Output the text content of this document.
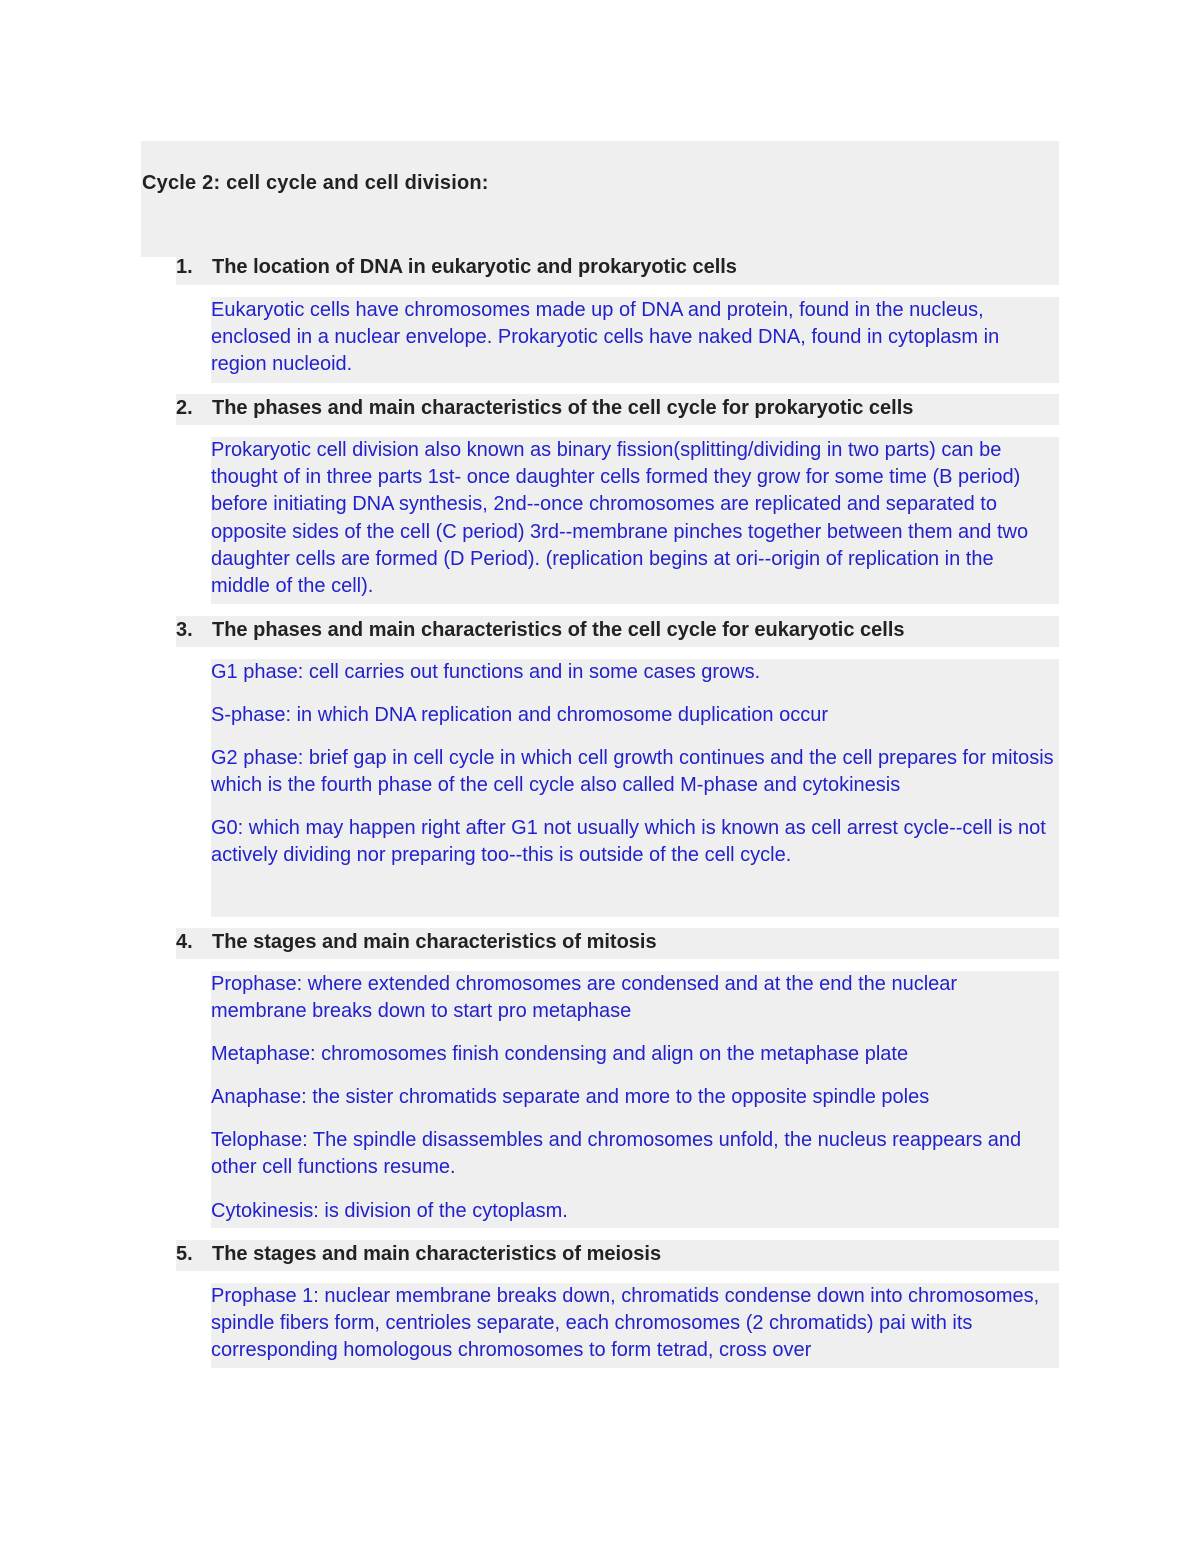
Cycle 2: cell cycle and cell division:
1. The location of DNA in eukaryotic and prokaryotic cells

Eukaryotic cells have chromosomes made up of DNA and protein, found in the nucleus, enclosed in a nuclear envelope. Prokaryotic cells have naked DNA, found in cytoplasm in region nucleoid.

2. The phases and main characteristics of the cell cycle for prokaryotic cells

Prokaryotic cell division also known as binary fission(splitting/dividing in two parts) can be thought of in three parts 1st- once daughter cells formed they grow for some time (B period) before initiating DNA synthesis, 2nd--once chromosomes are replicated and separated to opposite sides of the cell (C period) 3rd--membrane pinches together between them and two daughter cells are formed (D Period). (replication begins at ori--origin of replication in the middle of the cell).

3. The phases and main characteristics of the cell cycle for eukaryotic cells

G1 phase: cell carries out functions and in some cases grows.

S-phase: in which DNA replication and chromosome duplication occur

G2 phase: brief gap in cell cycle in which cell growth continues and the cell prepares for mitosis which is the fourth phase of the cell cycle also called M-phase and cytokinesis

G0: which may happen right after G1 not usually which is known as cell arrest cycle--cell is not actively dividing nor preparing too--this is outside of the cell cycle.

4. The stages and main characteristics of mitosis

Prophase: where extended chromosomes are condensed and at the end the nuclear membrane breaks down to start pro metaphase

Metaphase: chromosomes finish condensing and align on the metaphase plate

Anaphase: the sister chromatids separate and more to the opposite spindle poles

Telophase: The spindle disassembles and chromosomes unfold, the nucleus reappears and other cell functions resume.

Cytokinesis: is division of the cytoplasm.

5. The stages and main characteristics of meiosis

Prophase 1: nuclear membrane breaks down, chromatids condense down into chromosomes, spindle fibers form, centrioles separate, each chromosomes (2 chromatids) pai with its corresponding homologous chromosomes to form tetrad, cross over
